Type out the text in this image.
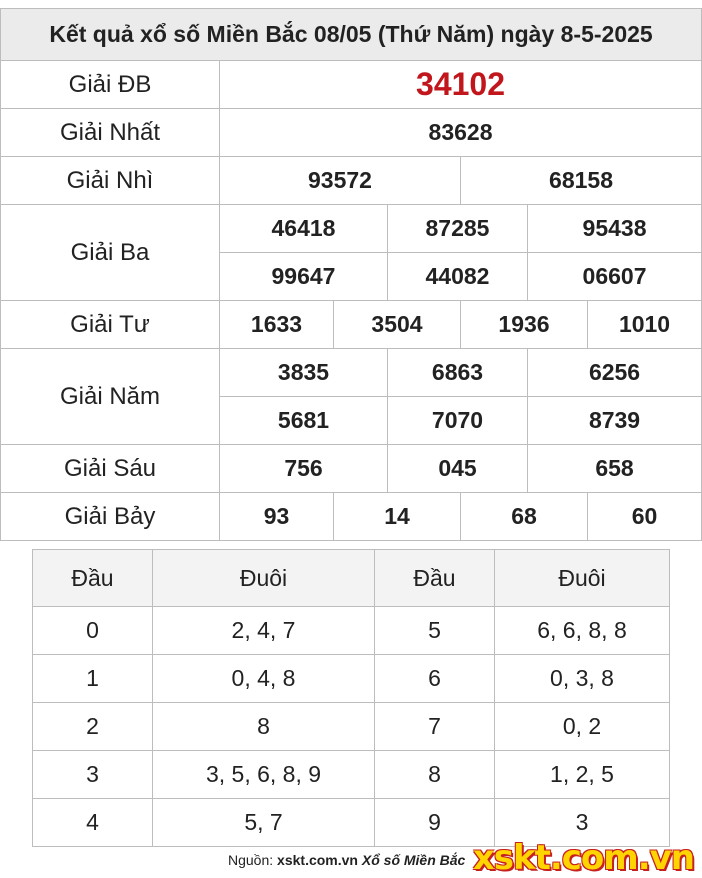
Kết quả xổ số Miền Bắc 08/05 (Thứ Năm) ngày 8-5-2025						
Giải ĐB	34102					
Giải Nhất	83628					
Giải Nhì	93572			68158		
Giải Ba	46418		87285		95438	
	99647		44082		06607	
Giải Tư	1633	3504		1936		1010
Giải Năm	3835		6863		6256	
	5681		7070		8739	
Giải Sáu	756		045		658	
Giải Bảy	93	14		68		60
Đầu	Đuôi	Đầu	Đuôi
0	2, 4, 7	5	6, 6, 8, 8
1	0, 4, 8	6	0, 3, 8
2	8	7	0, 2
3	3, 5, 6, 8, 9	8	1, 2, 5
4	5, 7	9	3
Nguồn: xskt.com.vn Xổ số Miền Bắc xskt.com.vn
